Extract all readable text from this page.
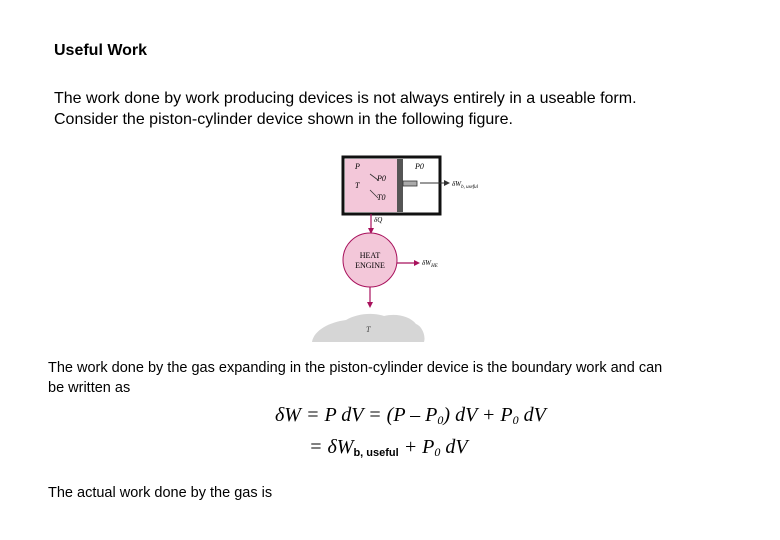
Useful Work
The work done by work producing devices is not always entirely in a useable form.
Consider the piston-cylinder device shown in the following figure.
P
P0
T
T0
P0
$\delta W_{b, useful}$
δQ
HEAT
ENGINE	$\delta W_{HE}$
T
The work done by the gas expanding in the piston-cylinder device is the boundary work and can
be written as
δW = P dV = $(P - P_0)$ dV + $P_0$ dV
= $\delta W_{b, useful} + P_0$ dV
The actual work done by the gas is
